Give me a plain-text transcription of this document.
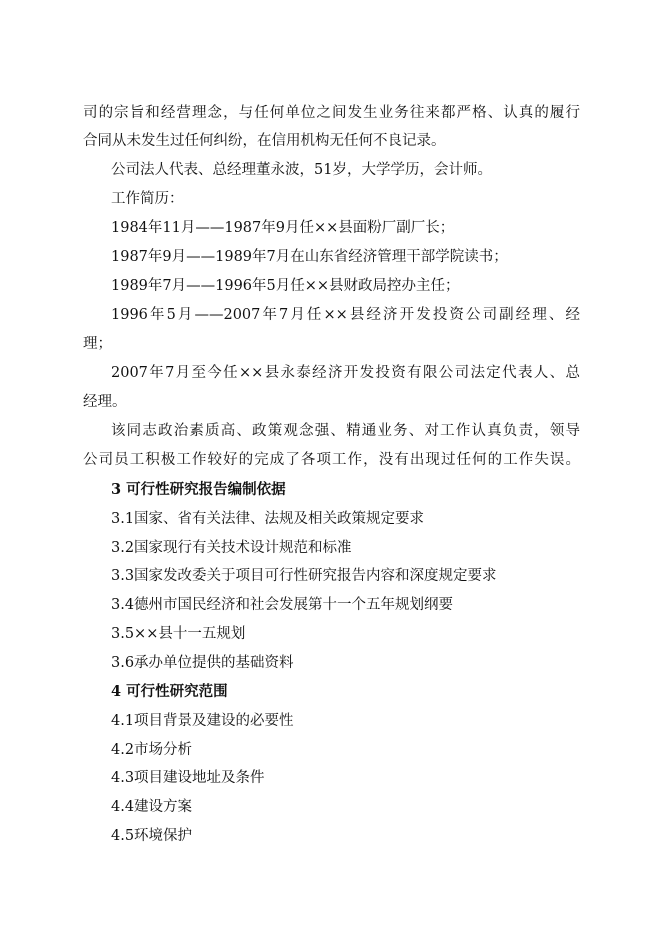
司的宗旨和经营理念，与任何单位之间发生业务往来都严格、认真的履行
合同从未发生过任何纠纷，在信用机构无任何不良记录。
公司法人代表、总经理董永波，51岁，大学学历，会计师。
工作简历：
1984年11月——1987年9月任××县面粉厂副厂长；
1987年9月——1989年7月在山东省经济管理干部学院读书；
1989年7月——1996年5月任××县财政局控办主任；
1996年5月——2007年7月任××县经济开发投资公司副经理、经
理；
2007年7月至今任××县永泰经济开发投资有限公司法定代表人、总
经理。
该同志政治素质高、政策观念强、精通业务、对工作认真负责，领导
公司员工积极工作较好的完成了各项工作，没有出现过任何的工作失误。
3 可行性研究报告编制依据
3.1国家、省有关法律、法规及相关政策规定要求
3.2国家现行有关技术设计规范和标准
3.3国家发改委关于项目可行性研究报告内容和深度规定要求
3.4德州市国民经济和社会发展第十一个五年规划纲要
3.5××县十一五规划
3.6承办单位提供的基础资料
4 可行性研究范围
4.1项目背景及建设的必要性
4.2市场分析
4.3项目建设地址及条件
4.4建设方案
4.5环境保护
